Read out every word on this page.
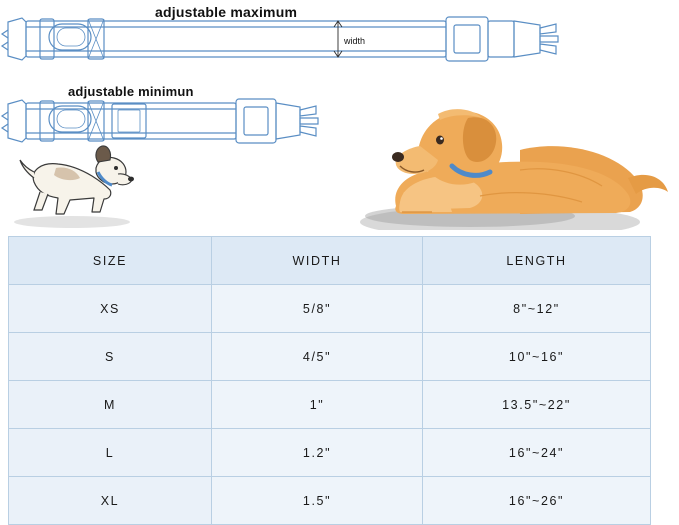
adjustable maximum
adjustable minimun
width
SIZE	WIDTH	LENGTH
XS	5/8"	8"~12"
S	4/5"	10"~16"
M	1"	13.5"~22"
L	1.2"	16"~24"
XL	1.5"	16"~26"
